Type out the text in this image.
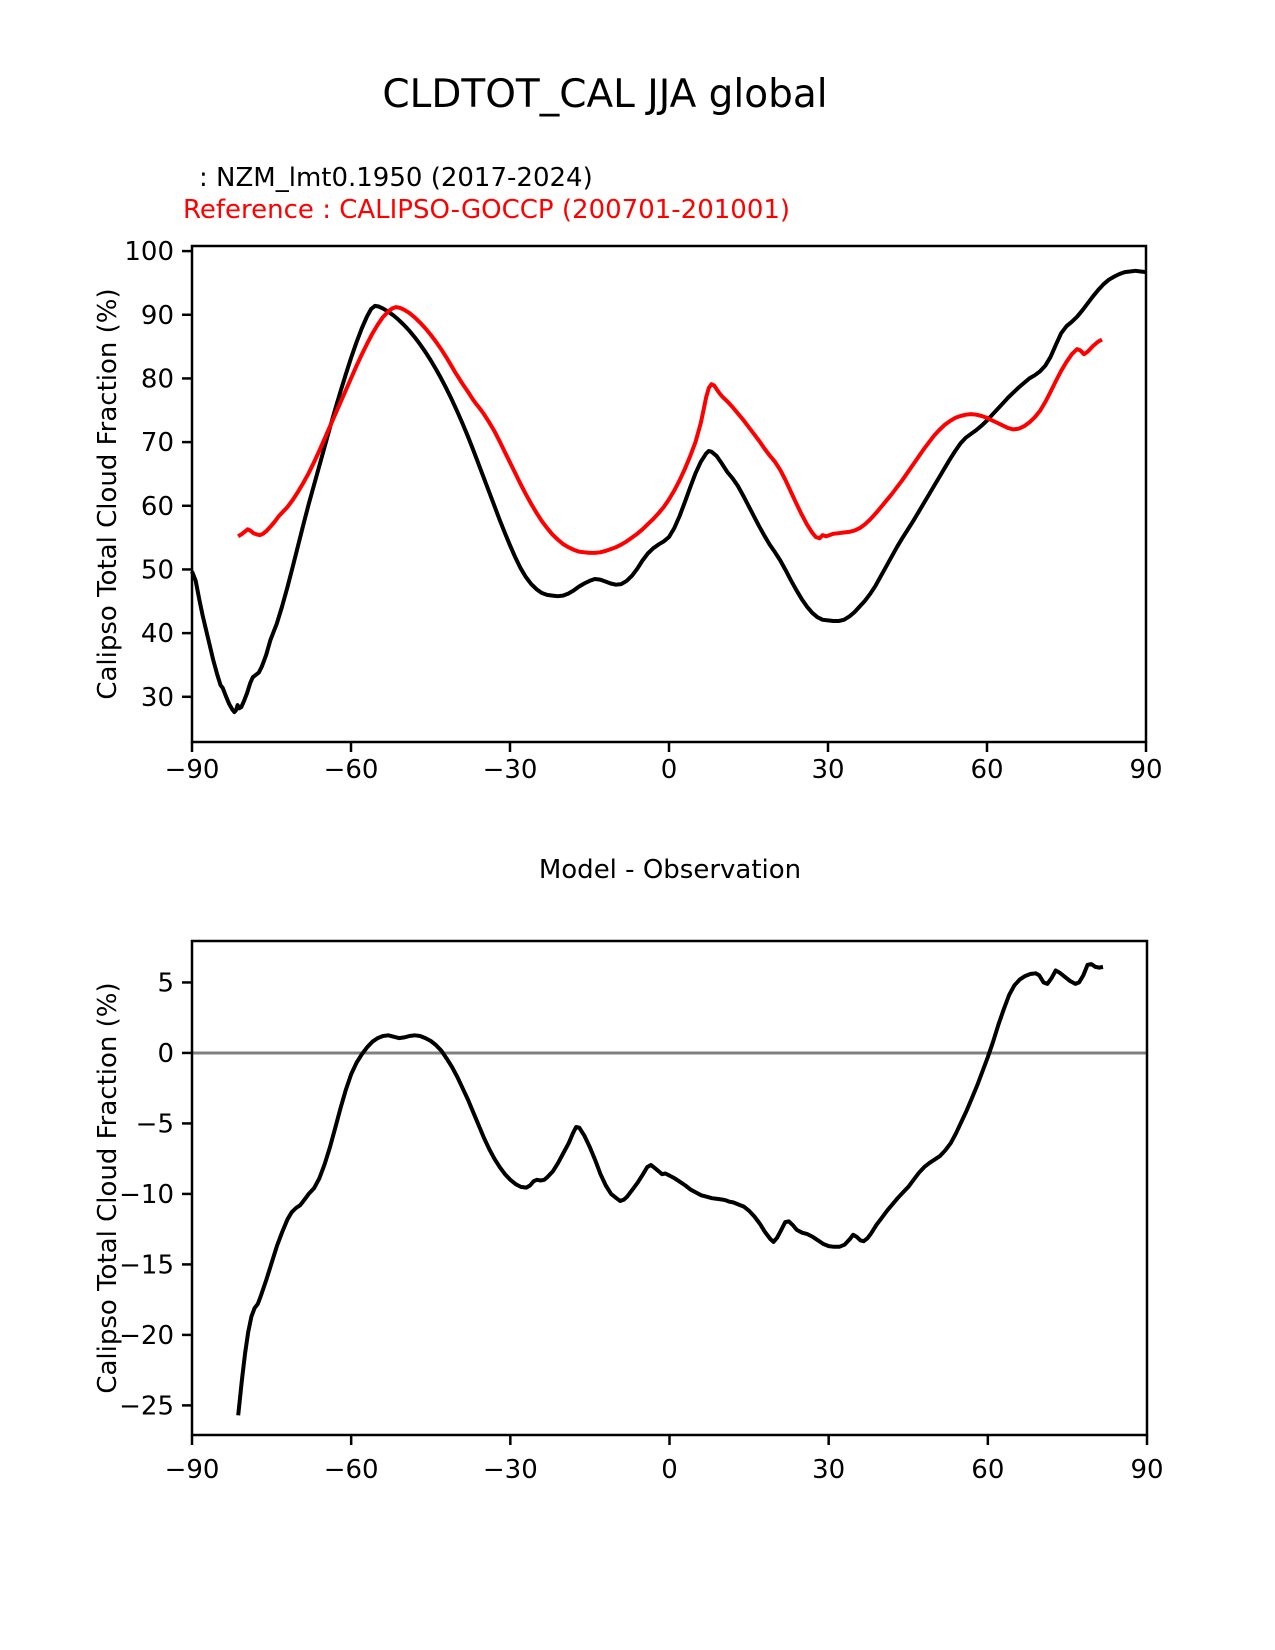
−90	−60	−30	0	30	60	90
30
40
50
60
70
80
90
100
−90	−60	−30	0	30	60	90
−25
−20
−15
−10
−5
0
5
CLDTOT_CAL JJA global
: NZM_lmt0.1950 (2017-2024)
Reference : CALIPSO-GOCCP (200701-201001)
Calipso Total Cloud Fraction (%)
Calipso Total Cloud Fraction (%)
Model - Observation
